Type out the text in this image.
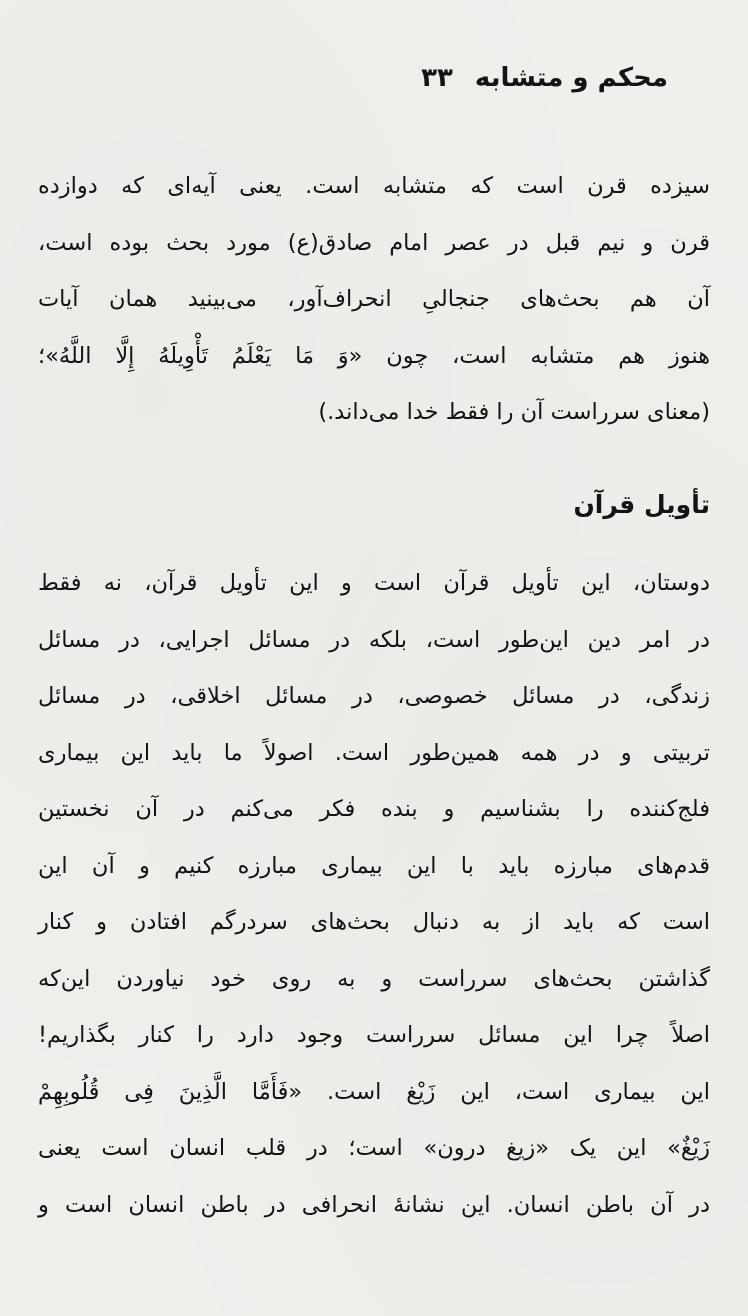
محکم و متشابه
۳۳
سیزده قرن است که متشابه است. یعنی آیه‌ای که دوازده
قرن و نیم قبل در عصر امام صادق(ع) مورد بحث بوده است،
آن هم بحث‌های جنجالیِ انحراف‌آور، می‌بینید همان آیات
هنوز هم متشابه است، چون «وَ مَا یَعْلَمُ تَأْوِیلَهُ إِلَّا اللَّهُ»؛
(معنای سرراست آن را فقط خدا می‌داند.)
تأویل قرآن
دوستان، این تأویل قرآن است و این تأویل قرآن، نه فقط
در امر دین این‌طور است، بلکه در مسائل اجرایی، در مسائل
زندگی، در مسائل خصوصی، در مسائل اخلاقی، در مسائل
تربیتی و در همه همین‌طور است. اصولاً ما باید این بیماری
فلج‌کننده را بشناسیم و بنده فکر می‌کنم در آن نخستین
قدم‌های مبارزه باید با این بیماری مبارزه کنیم و آن این
است که باید از به دنبال بحث‌های سردرگم افتادن و کنار
گذاشتن بحث‌های سرراست و به روی خود نیاوردن این‌که
اصلاً چرا این مسائل سرراست وجود دارد را کنار بگذاریم!
این بیماری است، این زَیْغ است. «فَأَمَّا الَّذِینَ فِی قُلُوبِهِمْ
زَیْغٌ» این یک «زیغ درون» است؛ در قلب انسان است یعنی
در آن باطن انسان. این نشانهٔ انحرافی در باطن انسان است و
